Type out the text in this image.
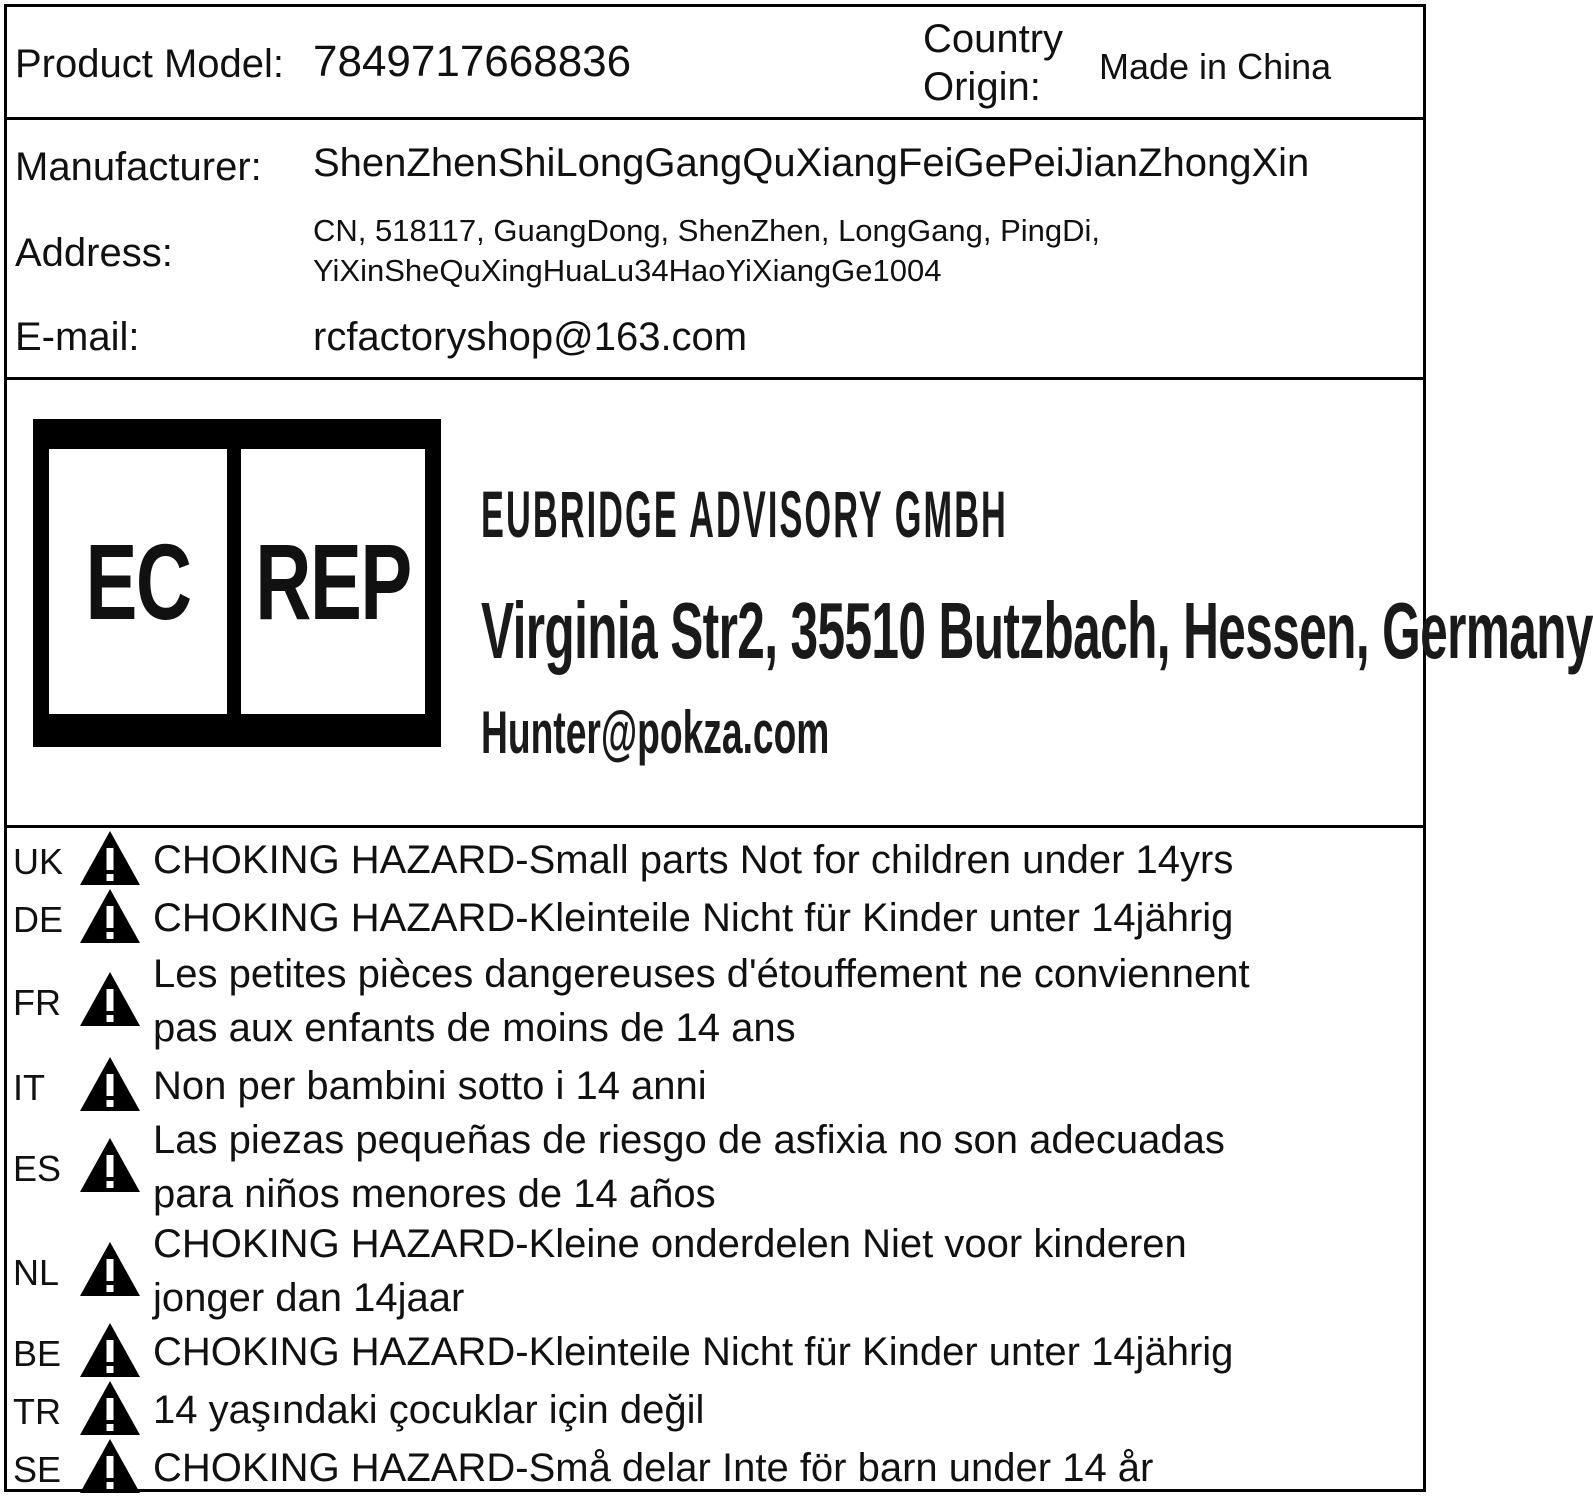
Product Model: 7849717668836	Country
Origin:	Made in China
Manufacturer: ShenZhenShiLongGangQuXiangFeiGePeiJianZhongXin
Address:
CN, 518117, GuangDong, ShenZhen, LongGang, PingDi,
YiXinSheQuXingHuaLu34HaoYiXiangGe1004
E-mail:	rcfactoryshop@163.com
EC REP
EUBRIDGE ADVISORY GMBH
Virginia Str2, 35510 Butzbach, Hessen, Germany
Hunter@pokza.com
UK CHOKING HAZARD-Small parts Not for children under 14yrs
DE CHOKING HAZARD-Kleinteile Nicht für Kinder unter 14jährig
FR
Les petites pièces dangereuses d'étouffement ne conviennent
pas aux enfants de moins de 14 ans
IT	Non per bambini sotto i 14 anni
ES
Las piezas pequeñas de riesgo de asfixia no son adecuadas
para niños menores de 14 años
NL
CHOKING HAZARD-Kleine onderdelen Niet voor kinderen
jonger dan 14jaar
BE CHOKING HAZARD-Kleinteile Nicht für Kinder unter 14jährig
TR 14 yaşındaki çocuklar için değil
SE CHOKING HAZARD-Små delar Inte för barn under 14 år
